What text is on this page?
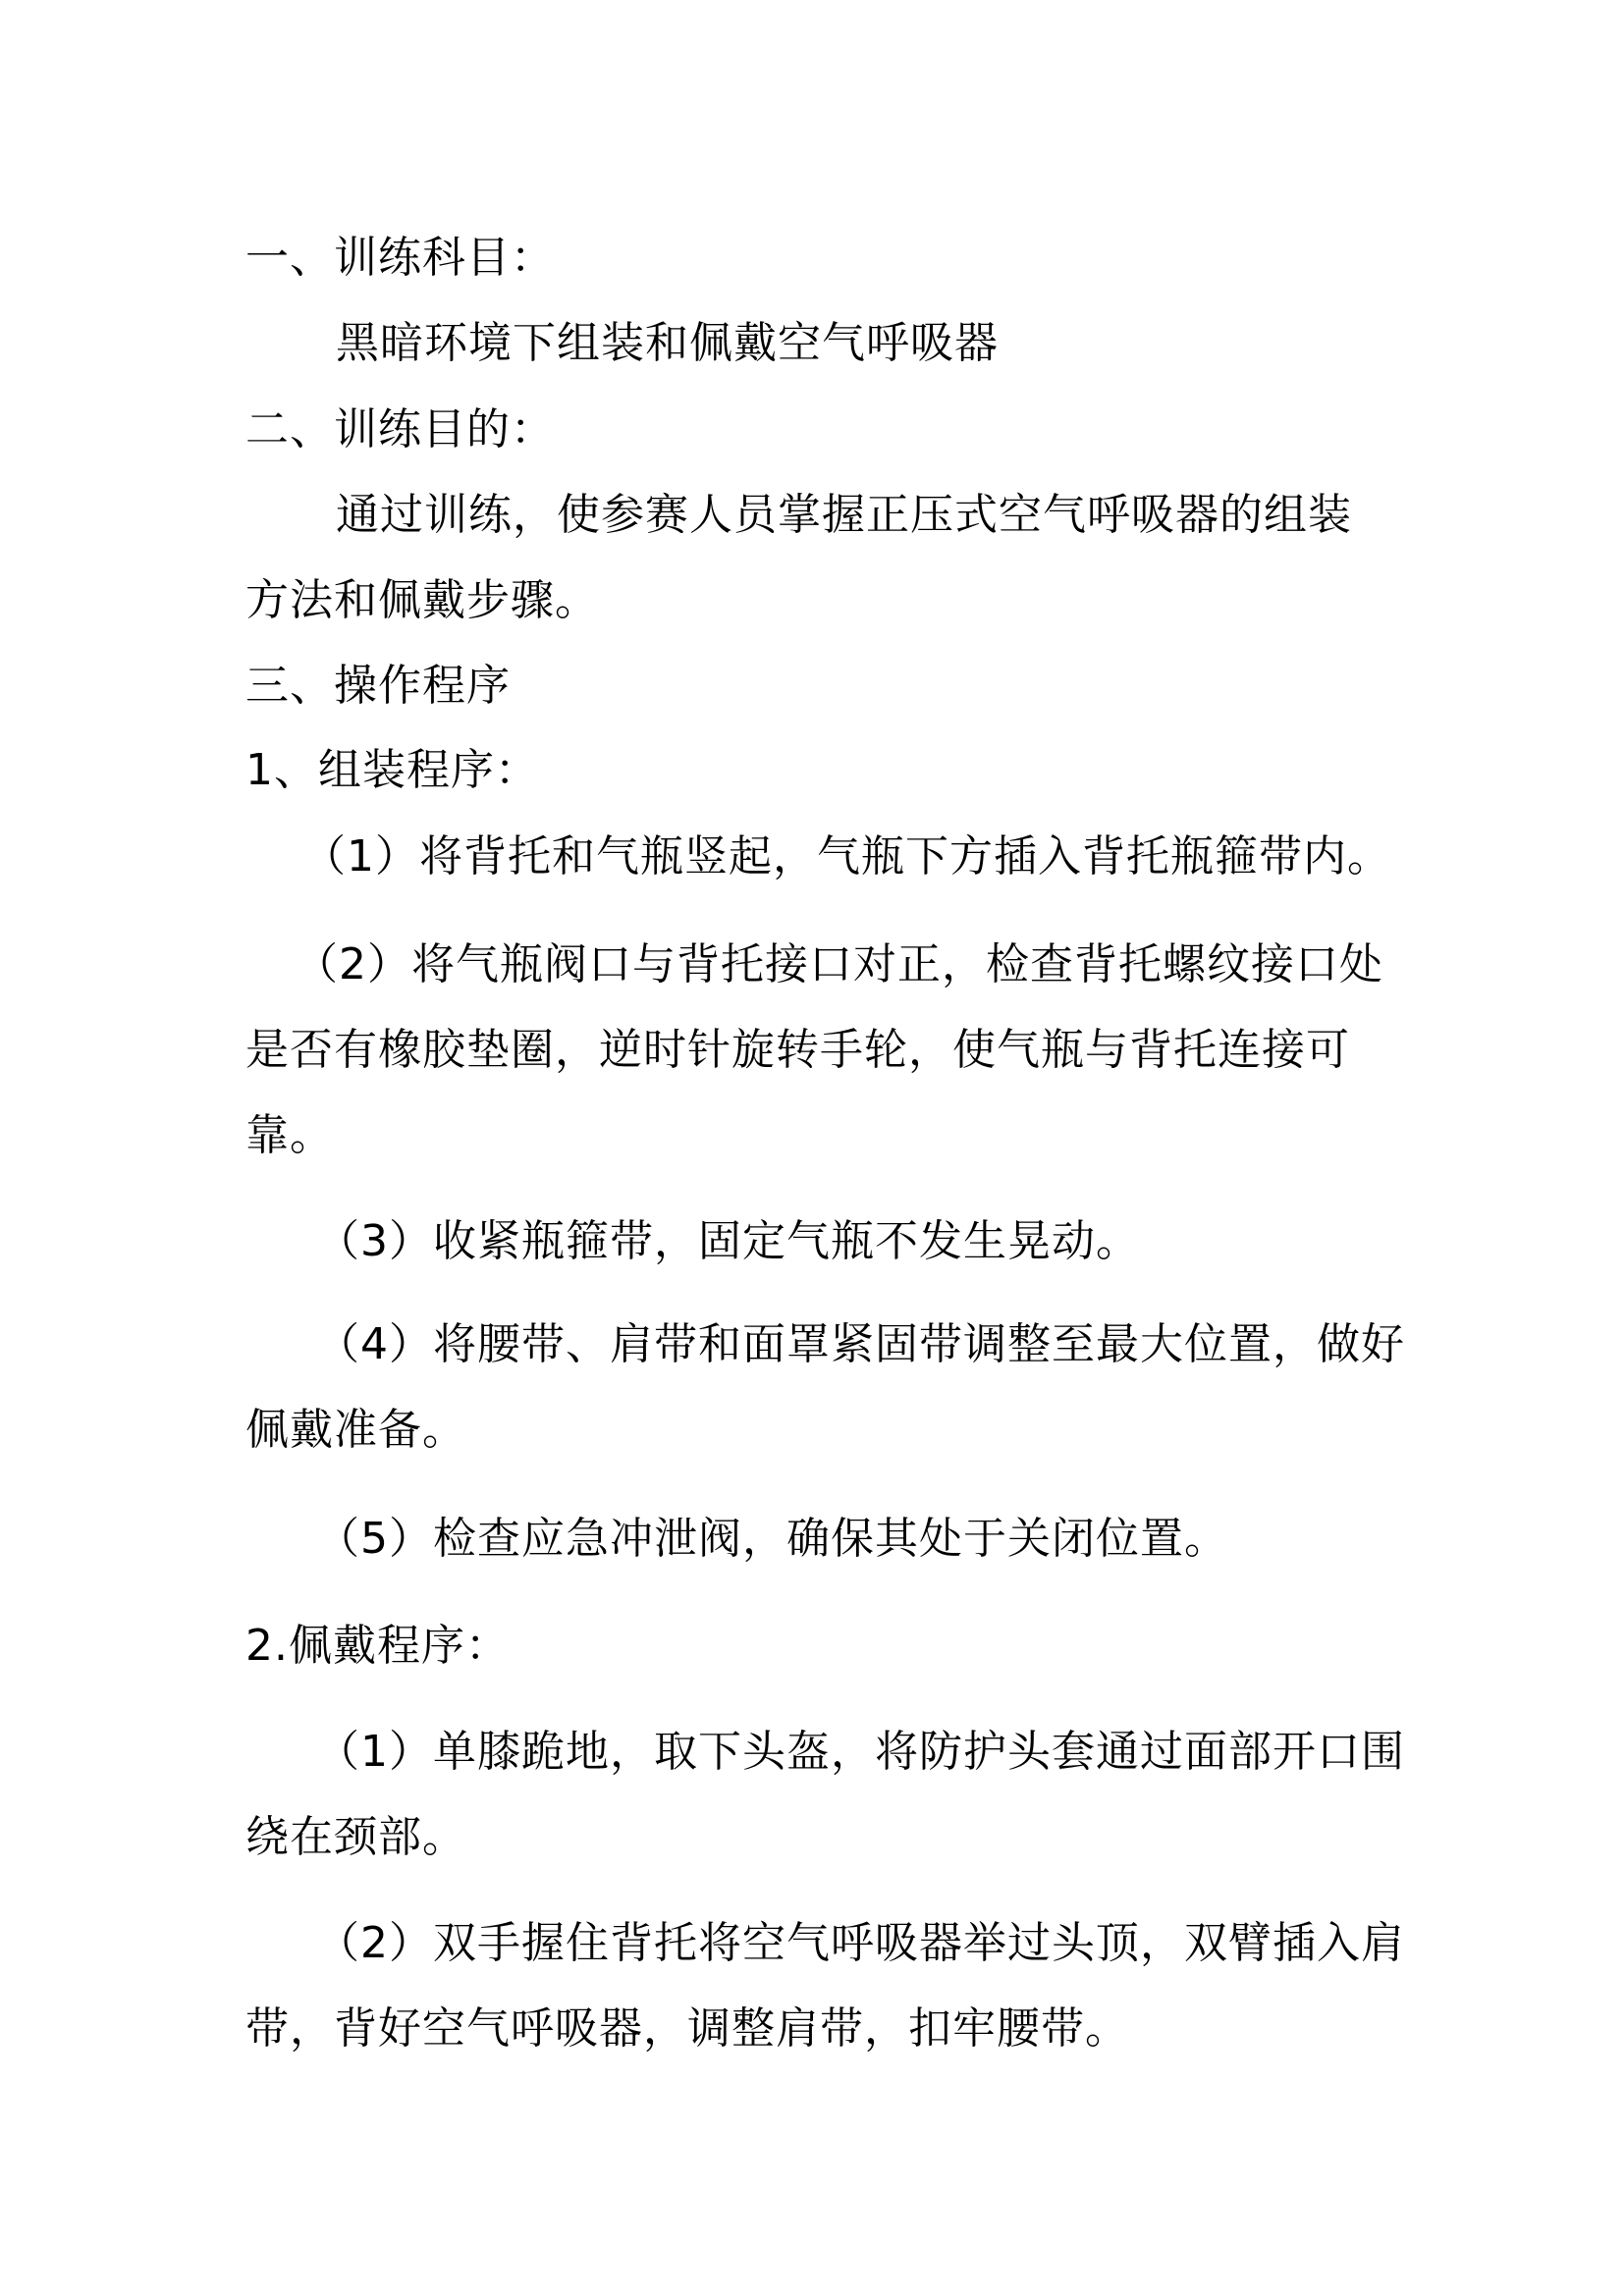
一、训练科目：
黑暗环境下组装和佩戴空气呼吸器
二、训练目的：
通过训练，使参赛人员掌握正压式空气呼吸器的组装
方法和佩戴步骤。
三、操作程序
1、组装程序：
（1）将背托和气瓶竖起，气瓶下方插入背托瓶箍带内。
（2）将气瓶阀口与背托接口对正，检查背托螺纹接口处
是否有橡胶垫圈，逆时针旋转手轮，使气瓶与背托连接可
靠。
（3）收紧瓶箍带，固定气瓶不发生晃动。
（4）将腰带、肩带和面罩紧固带调整至最大位置，做好
佩戴准备。
（5）检查应急冲泄阀，确保其处于关闭位置。
2.佩戴程序：
（1）单膝跪地，取下头盔，将防护头套通过面部开口围
绕在颈部。
（2）双手握住背托将空气呼吸器举过头顶，双臂插入肩
带，背好空气呼吸器，调整肩带，扣牢腰带。
